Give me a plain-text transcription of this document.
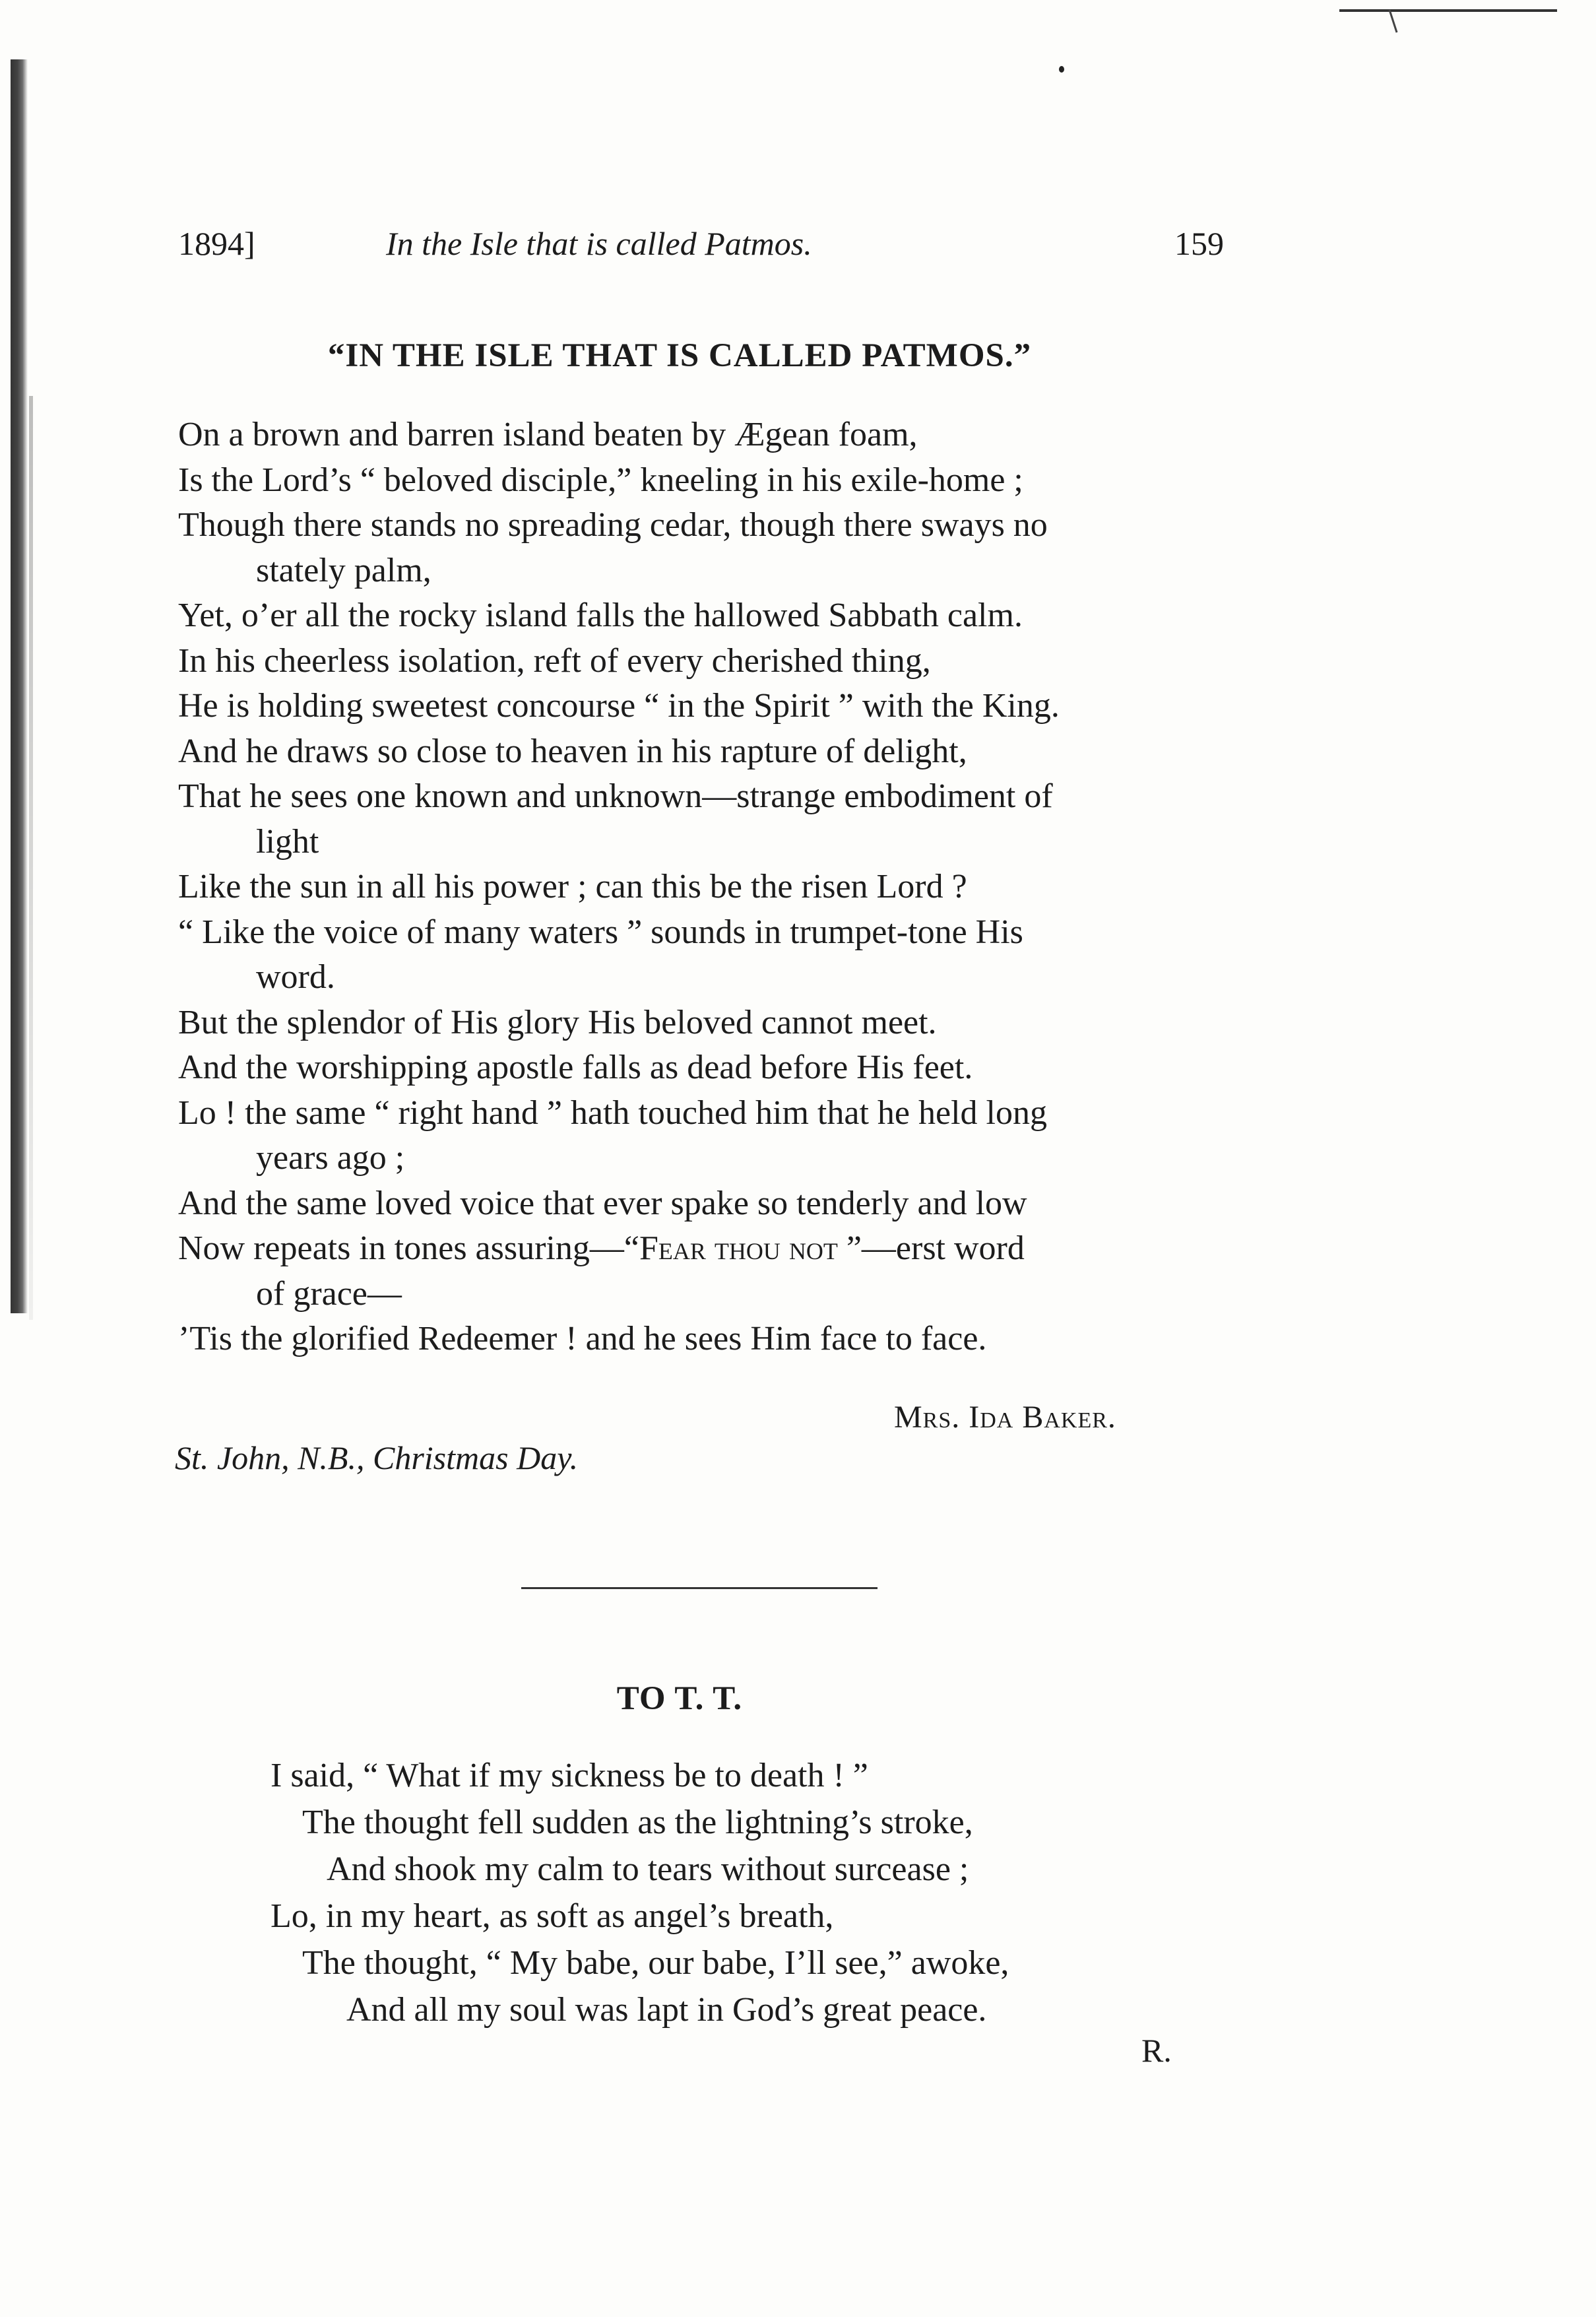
1894]	In the Isle that is called Patmos.	159
“IN THE ISLE THAT IS CALLED PATMOS.”
On a brown and barren island beaten by Ægean foam,
Is the Lord’s “ beloved disciple,” kneeling in his exile-home ;
Though there stands no spreading cedar, though there sways no
stately palm,
Yet, o’er all the rocky island falls the hallowed Sabbath calm.
In his cheerless isolation, reft of every cherished thing,
He is holding sweetest concourse “ in the Spirit ” with the King.
And he draws so close to heaven in his rapture of delight,
That he sees one known and unknown—strange embodiment of
light
Like the sun in all his power ; can this be the risen Lord ?
“ Like the voice of many waters ” sounds in trumpet-tone His
word.
But the splendor of His glory His beloved cannot meet.
And the worshipping apostle falls as dead before His feet.
Lo ! the same “ right hand ” hath touched him that he held long
years ago ;
And the same loved voice that ever spake so tenderly and low
Now repeats in tones assuring—“Fear thou not ”—erst word
of grace—
’Tis the glorified Redeemer ! and he sees Him face to face.
Mrs. Ida Baker.
St. John, N.B., Christmas Day.
TO T. T.
I said, “ What if my sickness be to death ! ”
The thought fell sudden as the lightning’s stroke,
And shook my calm to tears without surcease ;
Lo, in my heart, as soft as angel’s breath,
The thought, “ My babe, our babe, I’ll see,” awoke,
And all my soul was lapt in God’s great peace.
R.
